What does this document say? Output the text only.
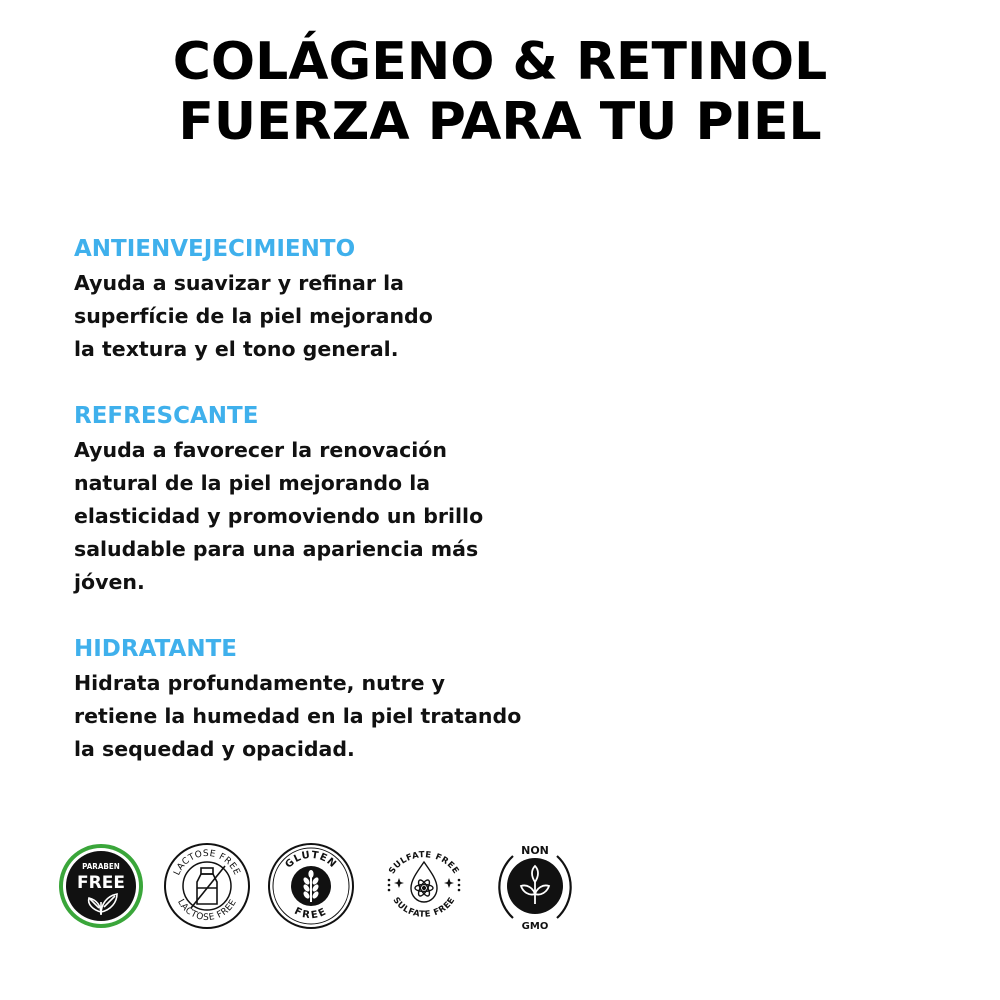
COLÁGENO & RETINOL
FUERZA PARA TU PIEL
ANTIENVEJECIMIENTO
Ayuda a suavizar y refinar la
superfície de la piel mejorando
la textura y el tono general.
REFRESCANTE
Ayuda a favorecer la renovación
natural de la piel mejorando la
elasticidad y promoviendo un brillo
saludable para una apariencia más
jóven.
HIDRATANTE
Hidrata profundamente, nutre y
retiene la humedad en la piel tratando
la sequedad y opacidad.
PARABEN
FREE
LACTOSE FREE
LACTOSE FREE
GLUTEN
FREE
SULFATE FREE
SULFATE FREE
NON
GMO
